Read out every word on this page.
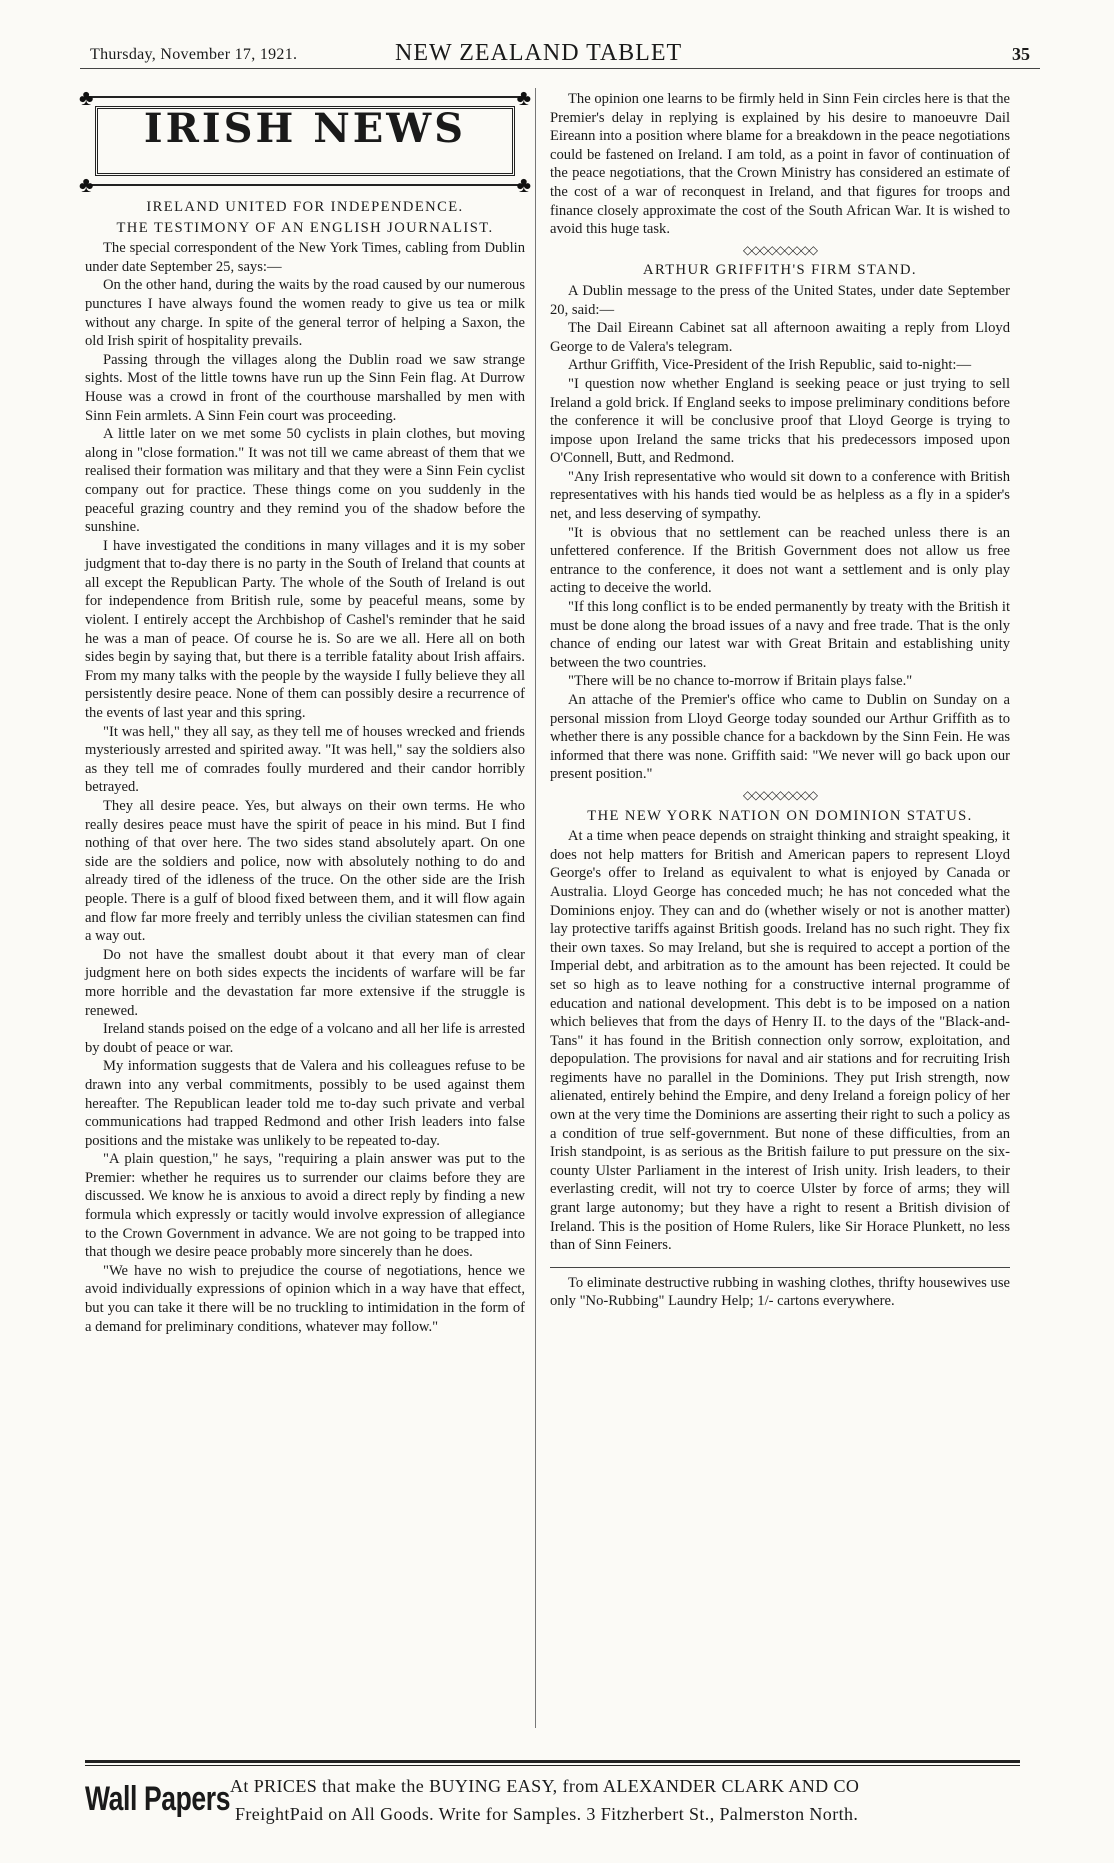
Thursday, November 17, 1921.	NEW ZEALAND TABLET	35
♣	♣
♣	♣
IRISH NEWS
IRELAND UNITED FOR INDEPENDENCE.
THE TESTIMONY OF AN ENGLISH JOURNALIST.

The special correspondent of the New York Times, cabling from Dublin under date September 25, says:—

On the other hand, during the waits by the road caused by our numerous punctures I have always found the women ready to give us tea or milk without any charge. In spite of the general terror of helping a Saxon, the old Irish spirit of hospitality prevails.

Passing through the villages along the Dublin road we saw strange sights. Most of the little towns have run up the Sinn Fein flag. At Durrow House was a crowd in front of the courthouse marshalled by men with Sinn Fein armlets. A Sinn Fein court was proceeding.

A little later on we met some 50 cyclists in plain clothes, but moving along in "close formation." It was not till we came abreast of them that we realised their formation was military and that they were a Sinn Fein cyclist company out for practice. These things come on you suddenly in the peaceful grazing country and they remind you of the shadow before the sunshine.

I have investigated the conditions in many villages and it is my sober judgment that to-day there is no party in the South of Ireland that counts at all except the Republican Party. The whole of the South of Ireland is out for independence from British rule, some by peaceful means, some by violent. I entirely accept the Archbishop of Cashel's reminder that he said he was a man of peace. Of course he is. So are we all. Here all on both sides begin by saying that, but there is a terrible fatality about Irish affairs. From my many talks with the people by the wayside I fully believe they all persistently desire peace. None of them can possibly desire a recurrence of the events of last year and this spring.

"It was hell," they all say, as they tell me of houses wrecked and friends mysteriously arrested and spirited away. "It was hell," say the soldiers also as they tell me of comrades foully murdered and their candor horribly betrayed.

They all desire peace. Yes, but always on their own terms. He who really desires peace must have the spirit of peace in his mind. But I find nothing of that over here. The two sides stand absolutely apart. On one side are the soldiers and police, now with absolutely nothing to do and already tired of the idleness of the truce. On the other side are the Irish people. There is a gulf of blood fixed between them, and it will flow again and flow far more freely and terribly unless the civilian statesmen can find a way out.

Do not have the smallest doubt about it that every man of clear judgment here on both sides expects the incidents of warfare will be far more horrible and the devastation far more extensive if the struggle is renewed.

Ireland stands poised on the edge of a volcano and all her life is arrested by doubt of peace or war.

My information suggests that de Valera and his colleagues refuse to be drawn into any verbal commitments, possibly to be used against them hereafter. The Republican leader told me to-day such private and verbal communications had trapped Redmond and other Irish leaders into false positions and the mistake was unlikely to be repeated to-day.

"A plain question," he says, "requiring a plain answer was put to the Premier: whether he requires us to surrender our claims before they are discussed. We know he is anxious to avoid a direct reply by finding a new formula which expressly or tacitly would involve expression of allegiance to the Crown Government in advance. We are not going to be trapped into that though we desire peace probably more sincerely than he does.

"We have no wish to prejudice the course of negotiations, hence we avoid individually expressions of opinion which in a way have that effect, but you can take it there will be no truckling to intimidation in the form of a demand for preliminary conditions, whatever may follow."

The opinion one learns to be firmly held in Sinn Fein circles here is that the Premier's delay in replying is explained by his desire to manoeuvre Dail Eireann into a position where blame for a breakdown in the peace negotiations could be fastened on Ireland. I am told, as a point in favor of continuation of the peace negotiations, that the Crown Ministry has considered an estimate of the cost of a war of reconquest in Ireland, and that figures for troops and finance closely approximate the cost of the South African War. It is wished to avoid this huge task.

◇◇◇◇◇◇◇◇◇
ARTHUR GRIFFITH'S FIRM STAND.

A Dublin message to the press of the United States, under date September 20, said:—

The Dail Eireann Cabinet sat all afternoon awaiting a reply from Lloyd George to de Valera's telegram.

Arthur Griffith, Vice-President of the Irish Republic, said to-night:—

"I question now whether England is seeking peace or just trying to sell Ireland a gold brick. If England seeks to impose preliminary conditions before the conference it will be conclusive proof that Lloyd George is trying to impose upon Ireland the same tricks that his predecessors imposed upon O'Connell, Butt, and Redmond.

"Any Irish representative who would sit down to a conference with British representatives with his hands tied would be as helpless as a fly in a spider's net, and less deserving of sympathy.

"It is obvious that no settlement can be reached unless there is an unfettered conference. If the British Government does not allow us free entrance to the conference, it does not want a settlement and is only play acting to deceive the world.

"If this long conflict is to be ended permanently by treaty with the British it must be done along the broad issues of a navy and free trade. That is the only chance of ending our latest war with Great Britain and establishing unity between the two countries.

"There will be no chance to-morrow if Britain plays false."

An attache of the Premier's office who came to Dublin on Sunday on a personal mission from Lloyd George today sounded our Arthur Griffith as to whether there is any possible chance for a backdown by the Sinn Fein. He was informed that there was none. Griffith said: "We never will go back upon our present position."

◇◇◇◇◇◇◇◇◇
THE NEW YORK NATION ON DOMINION STATUS.

At a time when peace depends on straight thinking and straight speaking, it does not help matters for British and American papers to represent Lloyd George's offer to Ireland as equivalent to what is enjoyed by Canada or Australia. Lloyd George has conceded much; he has not conceded what the Dominions enjoy. They can and do (whether wisely or not is another matter) lay protective tariffs against British goods. Ireland has no such right. They fix their own taxes. So may Ireland, but she is required to accept a portion of the Imperial debt, and arbitration as to the amount has been rejected. It could be set so high as to leave nothing for a constructive internal programme of education and national development. This debt is to be imposed on a nation which believes that from the days of Henry II. to the days of the "Black-and-Tans" it has found in the British connection only sorrow, exploitation, and depopulation. The provisions for naval and air stations and for recruiting Irish regiments have no parallel in the Dominions. They put Irish strength, now alienated, entirely behind the Empire, and deny Ireland a foreign policy of her own at the very time the Dominions are asserting their right to such a policy as a condition of true self-government. But none of these difficulties, from an Irish standpoint, is as serious as the British failure to put pressure on the six-county Ulster Parliament in the interest of Irish unity. Irish leaders, to their everlasting credit, will not try to coerce Ulster by force of arms; they will grant large autonomy; but they have a right to resent a British division of Ireland. This is the position of Home Rulers, like Sir Horace Plunkett, no less than of Sinn Feiners.

To eliminate destructive rubbing in washing clothes, thrifty housewives use only "No-Rubbing" Laundry Help; 1/- cartons everywhere.

Wall Papers At PRICES that make the BUYING EASY, from ALEXANDER CLARK AND CO
FreightPaid on All Goods. Write for Samples. 3 Fitzherbert St., Palmerston North.
